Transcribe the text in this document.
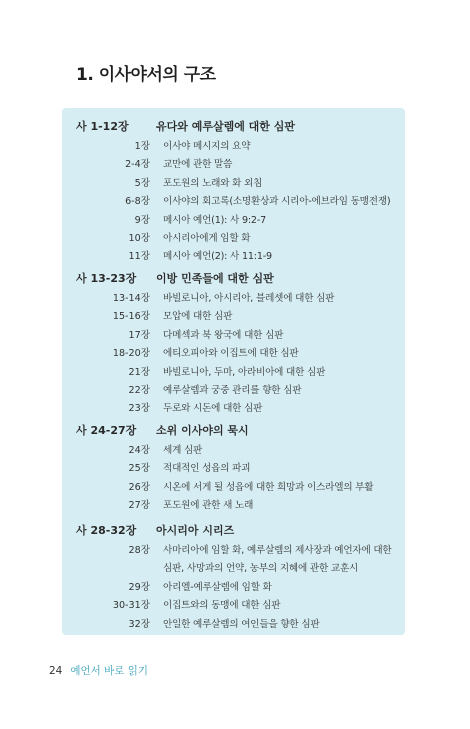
1. 이사야서의 구조
사 1-12장 유다와 예루살렘에 대한 심판
1장 이사야 메시지의 요약
2-4장 교만에 관한 말씀
5장 포도원의 노래와 화 외침
6-8장 이사야의 회고록(소명환상과 시리아-에브라임 동맹전쟁)
9장 메시아 예언(1): 사 9:2-7
10장 아시리아에게 임할 화
11장 메시아 예언(2): 사 11:1-9
사 13-23장 이방 민족들에 대한 심판
13-14장 바빌로니아, 아시리아, 블레셋에 대한 심판
15-16장 모압에 대한 심판
17장 다메섹과 북 왕국에 대한 심판
18-20장 에티오피아와 이집트에 대한 심판
21장 바빌로니아, 두마, 아라비아에 대한 심판
22장 예루살렘과 궁중 관리를 향한 심판
23장 두로와 시돈에 대한 심판
사 24-27장 소위 이사야의 묵시
24장 세계 심판
25장 적대적인 성읍의 파괴
26장 시온에 서게 될 성읍에 대한 희망과 이스라엘의 부활
27장 포도원에 관한 새 노래
사 28-32장 아시리아 시리즈
28장 사마리아에 임할 화, 예루살렘의 제사장과 예언자에 대한
심판, 사망과의 언약, 농부의 지혜에 관한 교훈시
29장 아리엘-예루살렘에 임할 화
30-31장 이집트와의 동맹에 대한 심판
32장 안일한 예루살렘의 여인들을 향한 심판
24 예언서 바로 읽기
